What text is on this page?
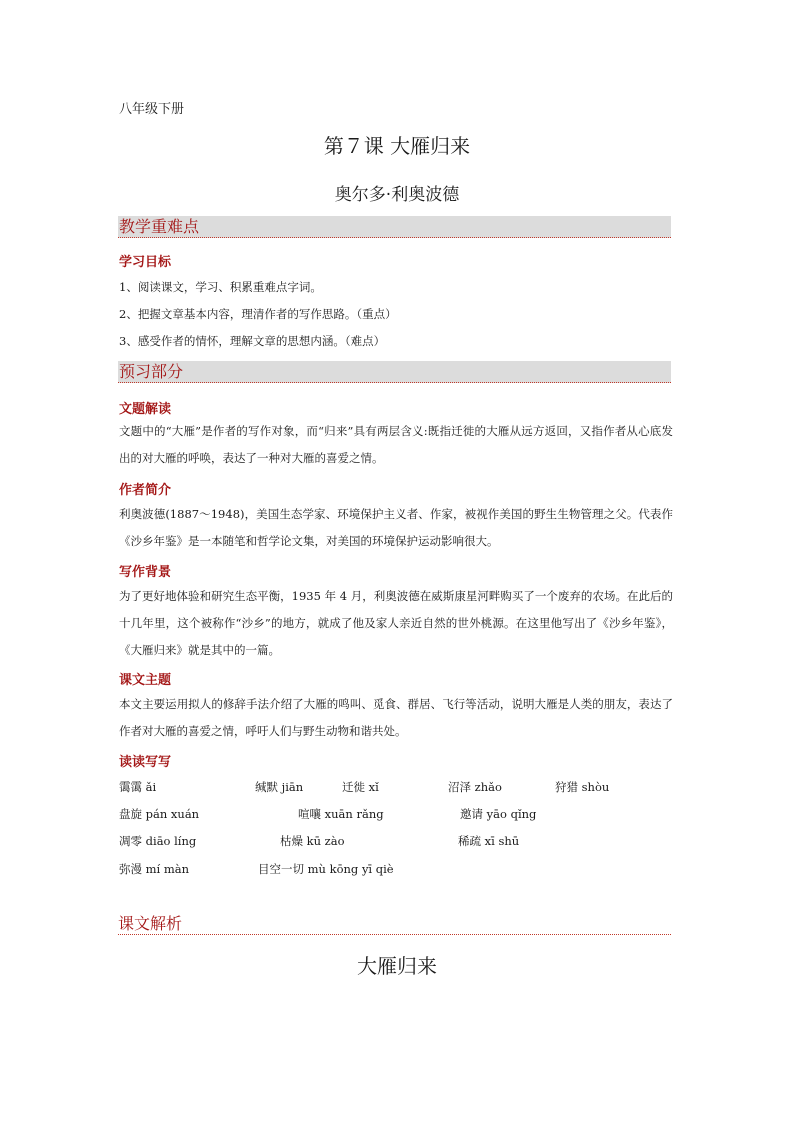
八年级下册
第７课 大雁归来
奥尔多·利奥波德
教学重难点
学习目标
1、阅读课文，学习、积累重难点字词。
2、把握文章基本内容，理清作者的写作思路。（重点）
3、感受作者的情怀，理解文章的思想内涵。（难点）
预习部分
文题解读
文题中的“大雁”是作者的写作对象，而“归来”具有两层含义:既指迁徙的大雁从远方返回，又指作者从心底发出的对大雁的呼唤，表达了一种对大雁的喜爱之情。
作者简介
利奥波德(1887～1948)，美国生态学家、环境保护主义者、作家，被视作美国的野生生物管理之父。代表作《沙乡年鉴》是一本随笔和哲学论文集，对美国的环境保护运动影响很大。
写作背景
为了更好地体验和研究生态平衡，1935 年 4 月，利奥波德在威斯康星河畔购买了一个废弃的农场。在此后的十几年里，这个被称作“沙乡”的地方，就成了他及家人亲近自然的世外桃源。在这里他写出了《沙乡年鉴》，《大雁归来》就是其中的一篇。
课文主题
本文主要运用拟人的修辞手法介绍了大雁的鸣叫、觅食、群居、飞行等活动，说明大雁是人类的朋友，表达了作者对大雁的喜爱之情，呼吁人们与野生动物和谐共处。
读读写写
霭霭 ǎi	缄默 jiān	迁徙 xǐ	沼泽 zhǎo	狩猎 shòu
盘旋 pán xuán	喧嚷 xuān rǎng	邀请 yāo qǐng
凋零 diāo líng	枯燥 kū zào	稀疏 xī shū
弥漫 mí màn	目空一切 mù kōng yī qiè
课文解析
大雁归来
